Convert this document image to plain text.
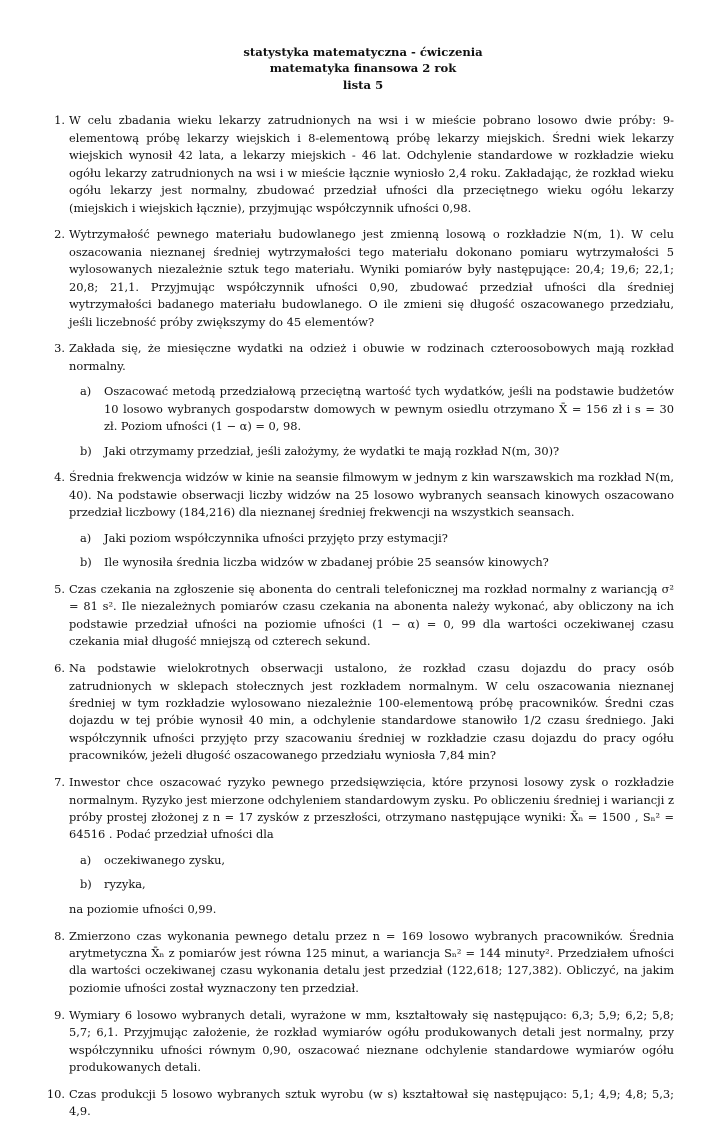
statystyka matematyczna - ćwiczenia
matematyka finansowa 2 rok
lista 5
1. W celu zbadania wieku lekarzy zatrudnionych na wsi i w mieście pobrano losowo dwie próby: 9-elementową próbę lekarzy wiejskich i 8-elementową próbę lekarzy miejskich. Średni wiek lekarzy wiejskich wynosił 42 lata, a lekarzy miejskich - 46 lat. Odchylenie standardowe w rozkładzie wieku ogółu lekarzy zatrudnionych na wsi i w mieście łącznie wyniosło 2,4 roku. Zakładając, że rozkład wieku ogółu lekarzy jest normalny, zbudować przedział ufności dla przeciętnego wieku ogółu lekarzy (miejskich i wiejskich łącznie), przyjmując współczynnik ufności 0,98.
2. Wytrzymałość pewnego materiału budowlanego jest zmienną losową o rozkładzie N(m, 1). W celu oszacowania nieznanej średniej wytrzymałości tego materiału dokonano pomiaru wytrzymałości 5 wylosowanych niezależnie sztuk tego materiału. Wyniki pomiarów były następujące: 20,4; 19,6; 22,1; 20,8; 21,1. Przyjmując współczynnik ufności 0,90, zbudować przedział ufności dla średniej wytrzymałości badanego materiału budowlanego. O ile zmieni się długość oszacowanego przedziału, jeśli liczebność próby zwiększymy do 45 elementów?
3. Zakłada się, że miesięczne wydatki na odzież i obuwie w rodzinach czteroosobowych mają rozkład normalny.
a) Oszacować metodą przedziałową przeciętną wartość tych wydatków, jeśli na podstawie budżetów 10 losowo wybranych gospodarstw domowych w pewnym osiedlu otrzymano X̄ = 156 zł i s = 30 zł. Poziom ufności (1 − α) = 0, 98.
b) Jaki otrzymamy przedział, jeśli założymy, że wydatki te mają rozkład N(m, 30)?
4. Średnia frekwencja widzów w kinie na seansie filmowym w jednym z kin warszawskich ma rozkład N(m, 40). Na podstawie obserwacji liczby widzów na 25 losowo wybranych seansach kinowych oszacowano przedział liczbowy (184,216) dla nieznanej średniej frekwencji na wszystkich seansach.
a) Jaki poziom współczynnika ufności przyjęto przy estymacji?
b) Ile wynosiła średnia liczba widzów w zbadanej próbie 25 seansów kinowych?
5. Czas czekania na zgłoszenie się abonenta do centrali telefonicznej ma rozkład normalny z wariancją σ² = 81 s². Ile niezależnych pomiarów czasu czekania na abonenta należy wykonać, aby obliczony na ich podstawie przedział ufności na poziomie ufności (1 − α) = 0, 99 dla wartości oczekiwanej czasu czekania miał długość mniejszą od czterech sekund.
6. Na podstawie wielokrotnych obserwacji ustalono, że rozkład czasu dojazdu do pracy osób zatrudnionych w sklepach stołecznych jest rozkładem normalnym. W celu oszacowania nieznanej średniej w tym rozkładzie wylosowano niezależnie 100-elementową próbę pracowników. Średni czas dojazdu w tej próbie wynosił 40 min, a odchylenie standardowe stanowiło 1/2 czasu średniego. Jaki współczynnik ufności przyjęto przy szacowaniu średniej w rozkładzie czasu dojazdu do pracy ogółu pracowników, jeżeli długość oszacowanego przedziału wyniosła 7,84 min?
7. Inwestor chce oszacować ryzyko pewnego przedsięwzięcia, które przynosi losowy zysk o rozkładzie normalnym. Ryzyko jest mierzone odchyleniem standardowym zysku. Po obliczeniu średniej i wariancji z próby prostej złożonej z n = 17 zysków z przeszłości, otrzymano następujące wyniki: X̄ₙ = 1500 , Sₙ² = 64516 . Podać przedział ufności dla
a) oczekiwanego zysku,
b) ryzyka,
na poziomie ufności 0,99.
8. Zmierzono czas wykonania pewnego detalu przez n = 169 losowo wybranych pracowników. Średnia arytmetyczna X̄ₙ z pomiarów jest równa 125 minut, a wariancja Sₙ² = 144 minuty². Przedziałem ufności dla wartości oczekiwanej czasu wykonania detalu jest przedział (122,618; 127,382). Obliczyć, na jakim poziomie ufności został wyznaczony ten przedział.
9. Wymiary 6 losowo wybranych detali, wyrażone w mm, kształtowały się następująco: 6,3; 5,9; 6,2; 5,8; 5,7; 6,1. Przyjmując założenie, że rozkład wymiarów ogółu produkowanych detali jest normalny, przy współczynniku ufności równym 0,90, oszacować nieznane odchylenie standardowe wymiarów ogółu produkowanych detali.
10. Czas produkcji 5 losowo wybranych sztuk wyrobu (w s) kształtował się następująco: 5,1; 4,9; 4,8; 5,3; 4,9.
